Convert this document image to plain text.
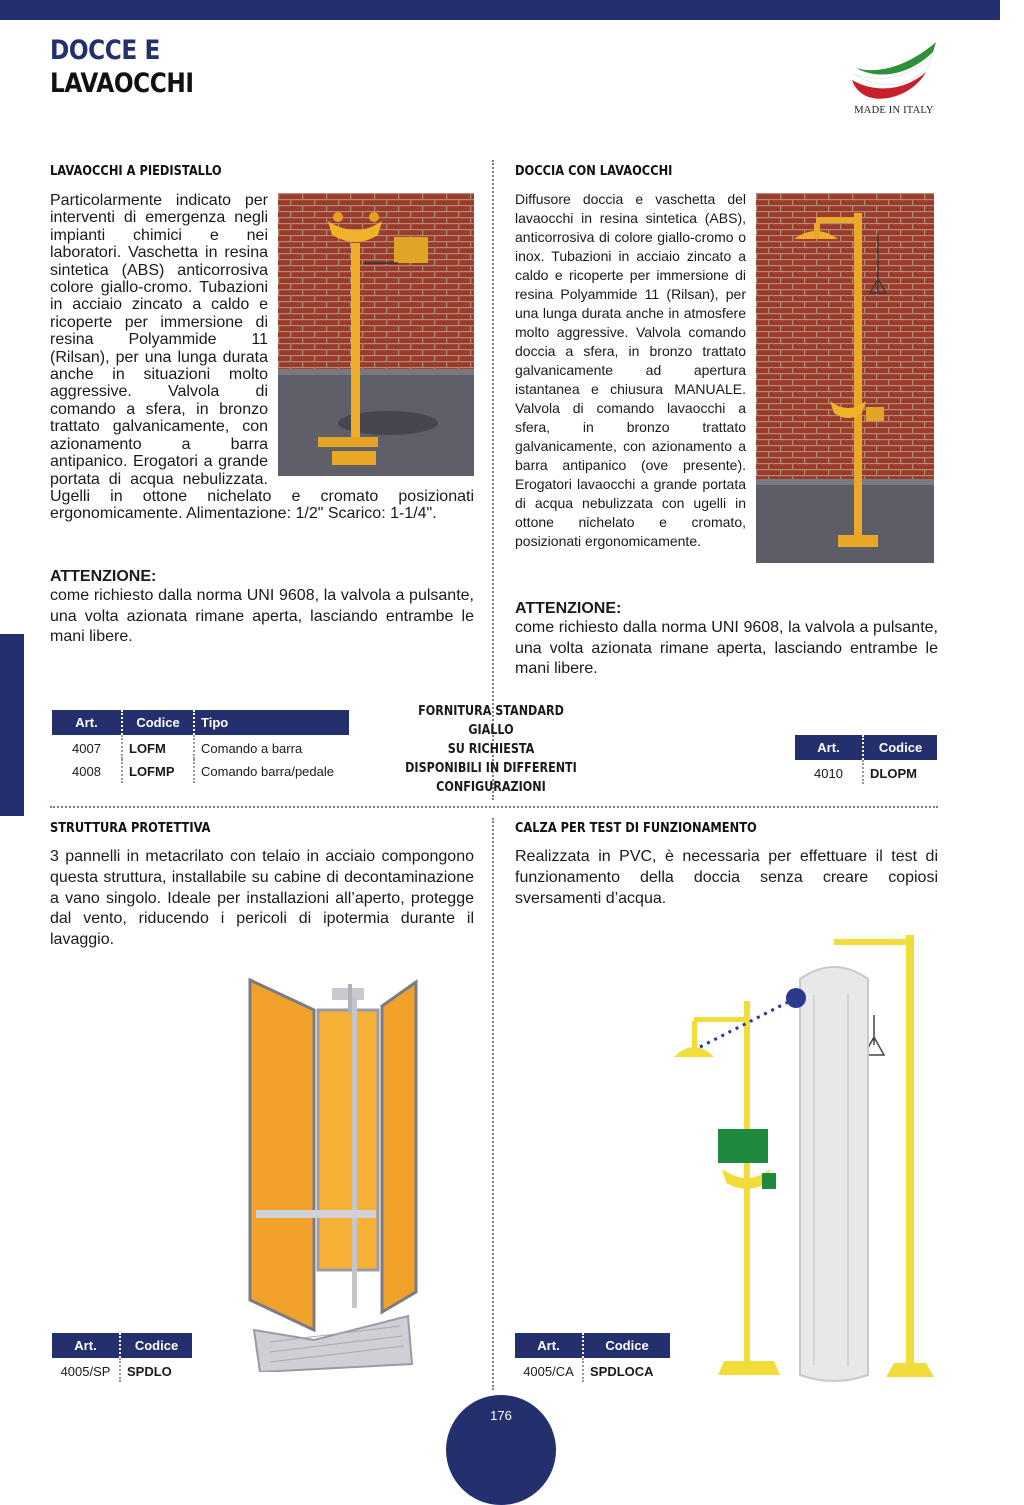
DOCCE E
LAVAOCCHI
MADE IN ITALY
LAVAOCCHI A PIEDISTALLO
Particolarmente indicato per interventi di emergenza negli impianti chimici e nei laboratori. Vaschetta in resina sintetica (ABS) anticorrosiva colore giallo-cromo. Tubazioni in acciaio zincato a caldo e ricoperte per immersione di resina Polyammide 11 (Rilsan), per una lunga durata anche in situazioni molto aggressive. Valvola di comando a sfera, in bronzo trattato galvanicamente, con azionamento a barra antipanico. Erogatori a grande portata di acqua nebulizzata. Ugelli in ottone nichelato e cromato posizionati ergonomicamente. Alimentazione: 1/2" Scarico: 1-1/4".
ATTENZIONE:
come richiesto dalla norma UNI 9608, la valvola a pulsante, una volta azionata rimane aperta, lasciando entrambe le mani libere.
Art.	Codice	Tipo
4007	LOFM	Comando a barra
4008	LOFMP	Comando barra/pedale
FORNITURA STANDARD GIALLO
SU RICHIESTA
DISPONIBILI IN DIFFERENTI
CONFIGURAZIONI
DOCCIA CON LAVAOCCHI
Diffusore doccia e vaschetta del lavaocchi in resina sintetica (ABS), anticorrosiva di colore giallo-cromo o inox. Tubazioni in acciaio zincato a caldo e ricoperte per immersione di resina Polyammide 11 (Rilsan), per una lunga durata anche in atmosfere molto aggressive. Valvola comando doccia a sfera, in bronzo trattato galvanicamente ad apertura istantanea e chiusura MANUALE. Valvola di comando lavaocchi a sfera, in bronzo trattato galvanicamente, con azionamento a barra antipanico (ove presente). Erogatori lavaocchi a grande portata di acqua nebulizzata con ugelli in ottone nichelato e cromato, posizionati ergonomicamente.
ATTENZIONE:
come richiesto dalla norma UNI 9608, la valvola a pulsante, una volta azionata rimane aperta, lasciando entrambe le mani libere.
Art.	Codice
4010	DLOPM
STRUTTURA PROTETTIVA
3 pannelli in metacrilato con telaio in acciaio compongono questa struttura, installabile su cabine di decontaminazione a vano singolo. Ideale per installazioni all’aperto, protegge dal vento, riducendo i pericoli di ipotermia durante il lavaggio.
Art.	Codice
4005/SP	SPDLO
CALZA PER TEST DI FUNZIONAMENTO
Realizzata in PVC, è necessaria per effettuare il test di funzionamento della doccia senza creare copiosi sversamenti d’acqua.
Art.	Codice
4005/CA	SPDLOCA
176
